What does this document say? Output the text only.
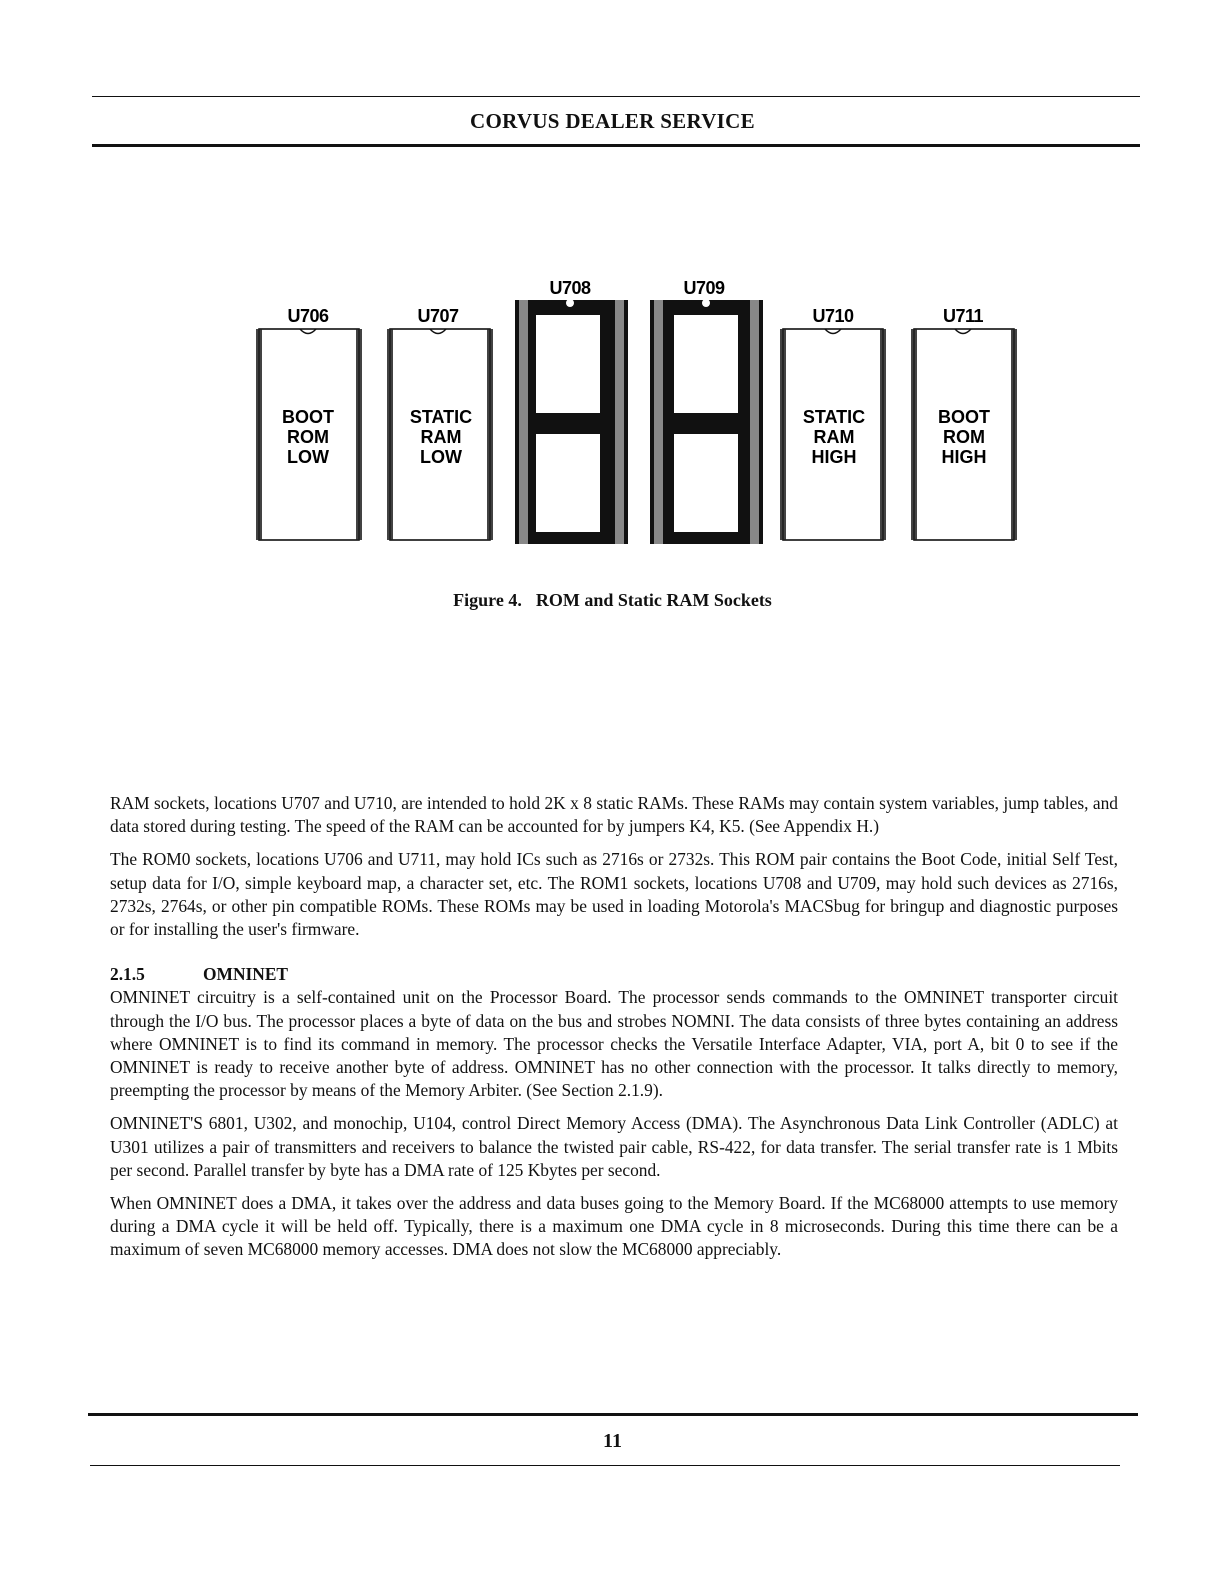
CORVUS DEALER SERVICE
U706
BOOT
ROM
LOW
U707
STATIC
RAM
LOW
U708	U709
U710
STATIC
RAM
HIGH
U711
BOOT
ROM
HIGH
Figure 4. ROM and Static RAM Sockets

RAM sockets, locations U707 and U710, are intended to hold 2K x 8 static RAMs. These RAMs may contain system variables, jump tables, and data stored during testing. The speed of the RAM can be accounted for by jumpers K4, K5. (See Appendix H.)

The ROM0 sockets, locations U706 and U711, may hold ICs such as 2716s or 2732s. This ROM pair contains the Boot Code, initial Self Test, setup data for I/O, simple keyboard map, a character set, etc. The ROM1 sockets, locations U708 and U709, may hold such devices as 2716s, 2732s, 2764s, or other pin compatible ROMs. These ROMs may be used in loading Motorola's MACSbug for bringup and diagnostic purposes or for installing the user's firmware.

2.1.5	OMNINET

OMNINET circuitry is a self-contained unit on the Processor Board. The processor sends commands to the OMNINET transporter circuit through the I/O bus. The processor places a byte of data on the bus and strobes NOMNI. The data consists of three bytes containing an address where OMNINET is to find its command in memory. The processor checks the Versatile Interface Adapter, VIA, port A, bit 0 to see if the OMNINET is ready to receive another byte of address. OMNINET has no other connection with the processor. It talks directly to memory, preempting the processor by means of the Memory Arbiter. (See Section 2.1.9).

OMNINET'S 6801, U302, and monochip, U104, control Direct Memory Access (DMA). The Asynchronous Data Link Controller (ADLC) at U301 utilizes a pair of transmitters and receivers to balance the twisted pair cable, RS-422, for data transfer. The serial transfer rate is 1 Mbits per second. Parallel transfer by byte has a DMA rate of 125 Kbytes per second.

When OMNINET does a DMA, it takes over the address and data buses going to the Memory Board. If the MC68000 attempts to use memory during a DMA cycle it will be held off. Typically, there is a maximum one DMA cycle in 8 microseconds. During this time there can be a maximum of seven MC68000 memory accesses. DMA does not slow the MC68000 appreciably.

11
